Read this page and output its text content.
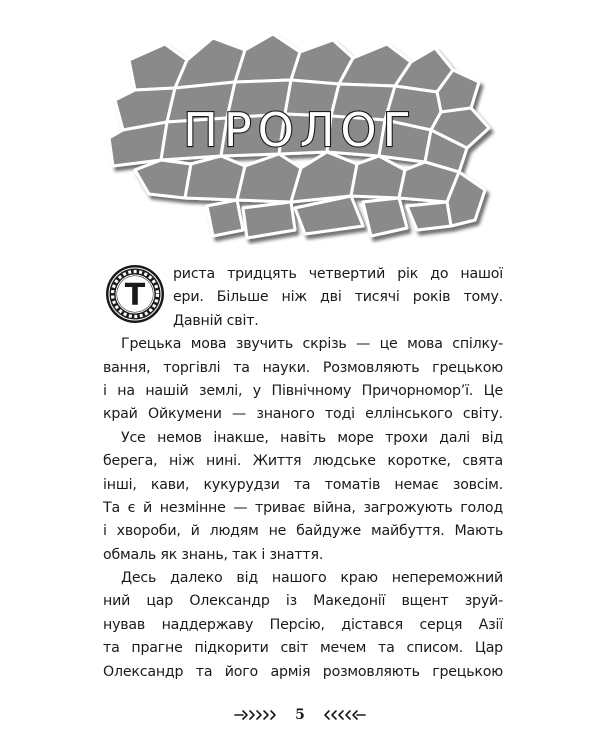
ПРОЛОГ
Т
риста тридцять четвертий рік до нашої
ери. Більше ніж дві тисячі років тому.
Давній світ.
Грецька мова звучить скрізь — це мова спілку-
вання, торгівлі та науки. Розмовляють грецькою
і на нашій землі, у Північному Причорномор’ї. Це
край Ойкумени — знаного тоді еллінського світу.
Усе немов інакше, навіть море трохи далі від
берега, ніж нині. Життя людське коротке, свята
інші, кави, кукурудзи та томатів немає зовсім.
Та є й незмінне — триває війна, загрожують голод
і хвороби, й людям не байдуже майбуття. Мають
обмаль як знань, так і знаття.
Десь далеко від нашого краю непереможний
ний цар Олександр із Македонії вщент зруй-
нував наддержаву Персію, дістався серця Азії
та прагне підкорити світ мечем та списом. Цар
Олександр та його армія розмовляють грецькою
5
